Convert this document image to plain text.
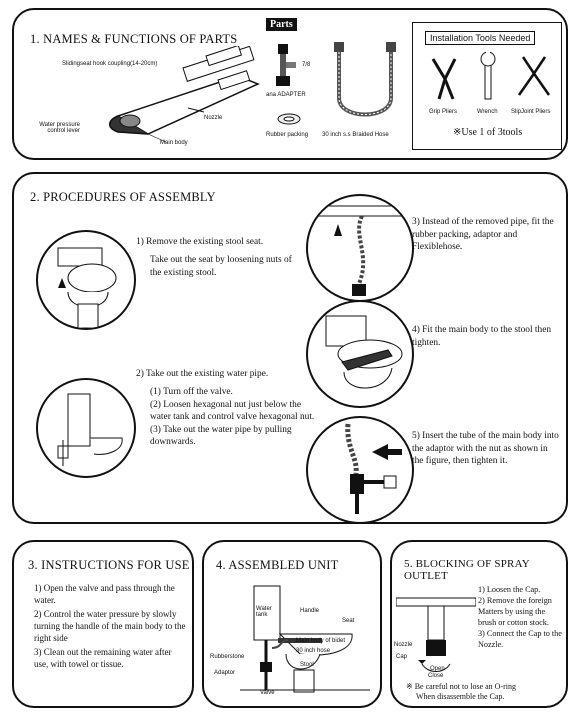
1. NAMES & FUNCTIONS OF PARTS
Slidingseat hook coupling(14-20cm)
Nozzle
Water pressure control lever
Main body
Parts
7/8
ana ADAPTER
Rubber packing 30 inch s.s Braided Hose
Installation Tools Needed
Grip Pliers	Wrench SlipJoint Pliers
※Use 1 of 3tools
2. PROCEDURES OF ASSEMBLY
1) Remove the existing stool seat.
Take out the seat by loosening nuts of the existing stool.
2) Take out the existing water pipe.
(1) Turn off the valve.
(2) Loosen hexagonal nut just below the water tank and control valve hexagonal nut.
(3) Take out the water pipe by pulling downwards.
3) Instead of the removed pipe, fit the rubber packing, adaptor and Flexiblehose.
4) Fit the main body to the stool then tighten.
5) Insert the tube of the main body into the adaptor with the nut as shown in the figure, then tighten it.
3. INSTRUCTIONS FOR USE
1) Open the valve and pass through the water.
2) Control the water pressure by slowly turning the handle of the main body to the right side
3) Clean out the remaining water after use, with towel or tissue.
4. ASSEMBLED UNIT
Water tank
Handle
Seat
Main body of bidet
30 inch hose
Stool
Rubberstone
Adaptor
Valve
5. BLOCKING OF SPRAY OUTLET
Nozzle
Cap
Open
Close
1) Loosen the Cap.
2) Remove the foreign Matters by using the brush or cotton stock.
3) Connect the Cap to the Nozzle.
※ Be careful not to lose an O-ring
When disassemble the Cap.
